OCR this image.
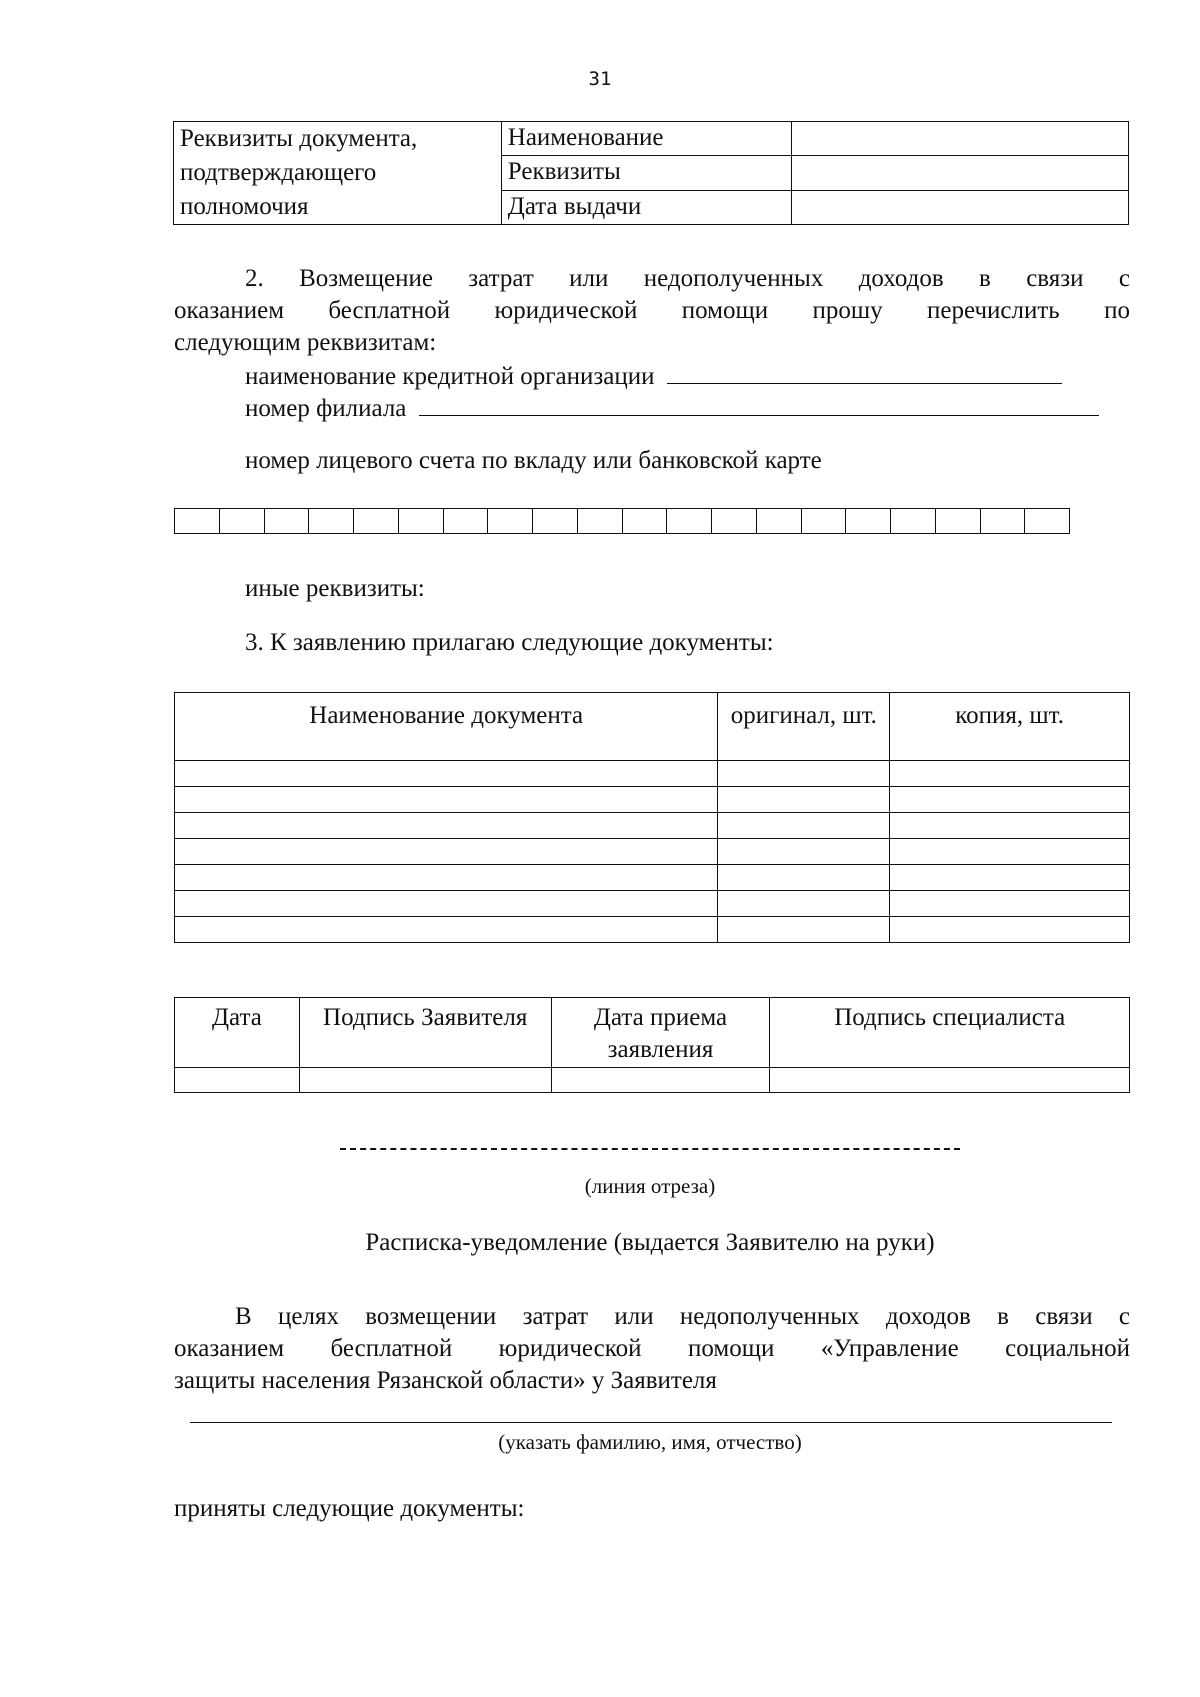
31
Реквизиты документа, подтверждающего полномочия	Наименование	
	Реквизиты	
	Дата выдачи	
2. Возмещение затрат или недополученных доходов в связи с
оказанием бесплатной юридической помощи прошу перечислить по
следующим реквизитам:
наименование кредитной организации
номер филиала
номер лицевого счета по вкладу или банковской карте

иные реквизиты:
3. К заявлению прилагаю следующие документы:
Наименование документа	оригинал, шт.	копия, шт.

Дата	Подпись Заявителя	Дата приема заявления	Подпись специалиста

(линия отреза)
Расписка-уведомление (выдается Заявителю на руки)
В целях возмещении затрат или недополученных доходов в связи с
оказанием бесплатной юридической помощи «Управление социальной
защиты населения Рязанской области» у Заявителя
(указать фамилию, имя, отчество)
приняты следующие документы:
